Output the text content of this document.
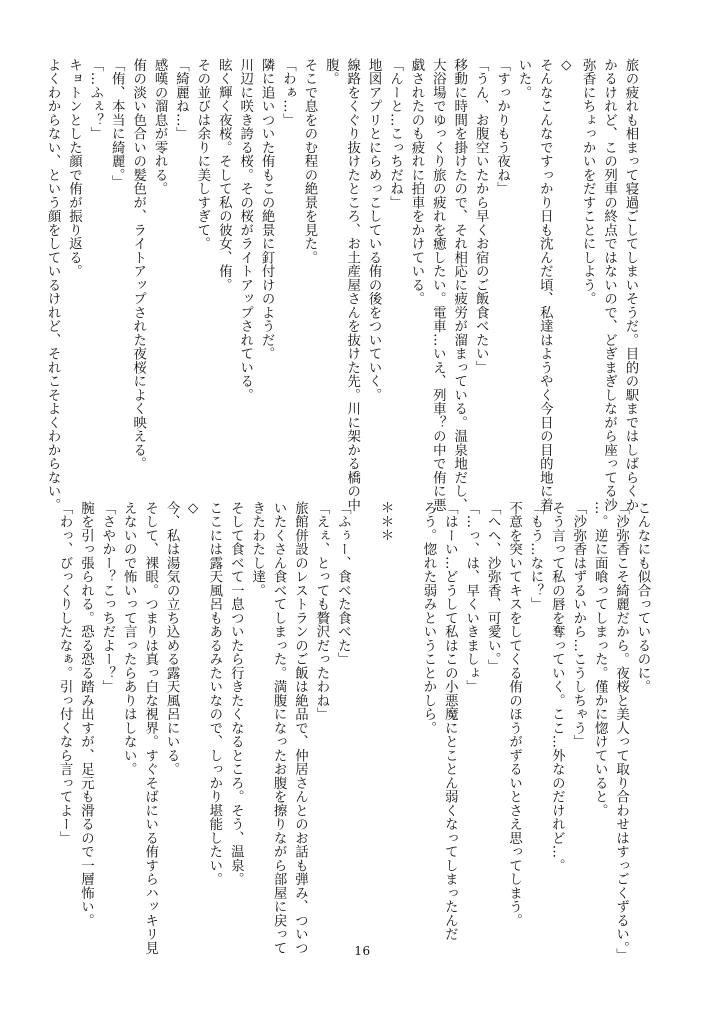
旅の疲れも相まって寝過ごしてしまいそうだ。目的の駅まではしばらくか
かるけれど、この列車の終点ではないので、どぎまぎしながら座ってる沙
弥香にちょっかいをだすことにしよう。
◇
そんなこんなですっかり日も沈んだ頃、私達はようやく今日の目的地に着
いた。
「すっかりもう夜ね」
「うん、お腹空いたから早くお宿のご飯食べたい」
移動に時間を掛けたので、それ相応に疲労が溜まっている。温泉地だし、
大浴場でゆっくり旅の疲れを癒したい。電車…いえ、列車？の中で侑に悪
戯されたのも疲れに拍車をかけている。
「んーと…こっちだね」
地図アプリとにらめっこしている侑の後をついていく。
線路をくぐり抜けたところ、お土産屋さんを抜けた先。川に架かる橋の中
腹。
そこで息をのむ程の絶景を見た。
「わぁ…」
隣に追いついた侑もこの絶景に釘付けのようだ。
川辺に咲き誇る桜。その桜がライトアップされている。
眩く輝く夜桜。そして私の彼女、侑。
その並びは余りに美しすぎて。
「綺麗ね…」
感嘆の溜息が零れる。
侑の淡い色合いの髪色が、ライトアップされた夜桜によく映える。
「侑、本当に綺麗。」
「…ふぇ？」
キョトンとした顔で侑が振り返る。
よくわからない、という顔をしているけれど、それこそよくわからない。
こんなにも似合っているのに。
「沙弥香こそ綺麗だから。夜桜と美人って取り合わせはすっごくずるい。」
…。逆に面喰ってしまった。僅かに惚けていると。
「沙弥香はずるいから…こうしちゃう」
そう言って私の唇を奪っていく。ここ…外なのだけれど…。
「もう…なに？」
不意を突いてキスをしてくる侑のほうがずるいとさえ思ってしまう。
「へへ、沙弥香、可愛い。」
「…っ、は、早くいきましょ」
「はーい…どうして私はこの小悪魔にとことん弱くなってしまったんだ
ろう。惚れた弱みということかしら。

＊＊＊

「ふぅー、食べた食べた」
「えぇ、とっても贅沢だったわね」
旅館併設のレストランのご飯は絶品で、仲居さんとのお話も弾み、ついつ
いたくさん食べてしまった。満腹になったお腹を擦りながら部屋に戻って
きたわたし達。
そして食べて一息ついたら行きたくなるところ。そう、温泉。
ここには露天風呂もあるみたいなので、しっかり堪能したい。
◇
今、私は湯気の立ち込める露天風呂にいる。
そして、裸眼。つまりは真っ白な視界。すぐそばにいる侑すらハッキリ見
えないので怖いって言ったらありはしない。
「さやかー？こっちだよー？」
腕を引っ張られる。恐る恐る踏み出すが、足元も滑るので一層怖い。
「わっ、びっくりしたなぁ。引っ付くなら言ってよー」
16
